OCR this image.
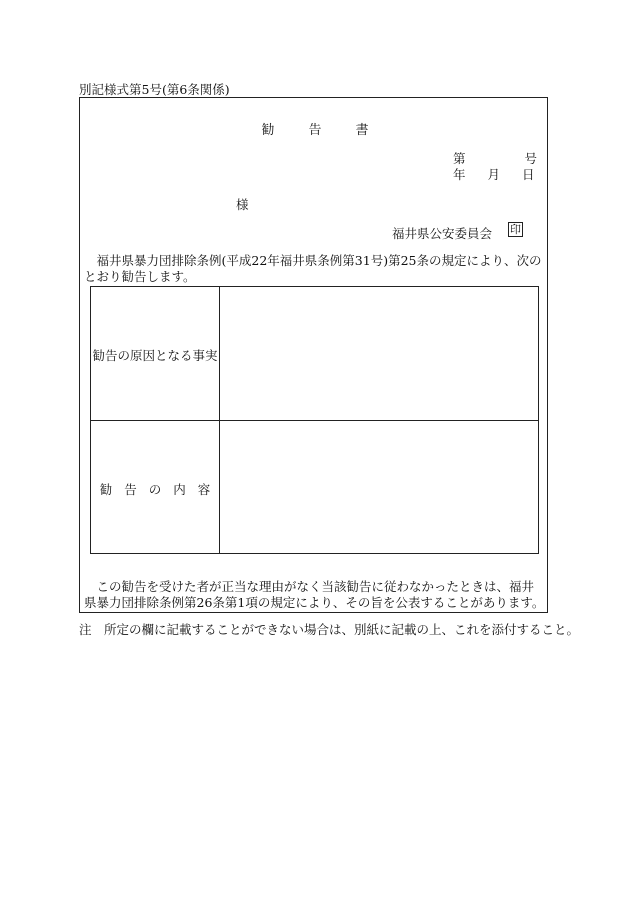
別記様式第5号(第6条関係)
勧	告	書
第	号
年 月 日
様
福井県公安委員会 印
福井県暴力団排除条例(平成22年福井県条例第31号)第25条の規定により、次のとおり勧告します。
勧告の原因となる事実
勧 告 の 内 容
この勧告を受けた者が正当な理由がなく当該勧告に従わなかったときは、福井県暴力団排除条例第26条第1項の規定により、その旨を公表することがあります。
注　所定の欄に記載することができない場合は、別紙に記載の上、これを添付すること。
